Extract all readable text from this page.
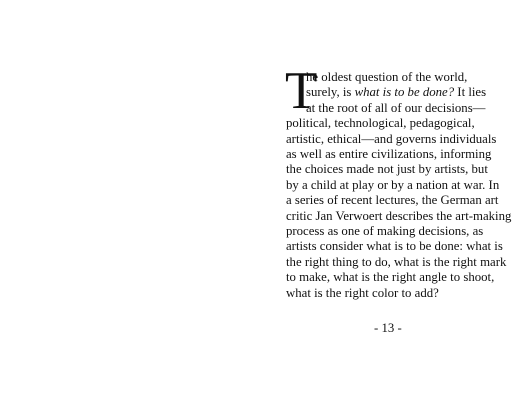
T
he oldest question of the world,
surely, is what is to be done? It lies
at the root of all of our decisions—
political, technological, pedagogical,
artistic, ethical—and governs individuals
as well as entire civilizations, informing
the choices made not just by artists, but
by a child at play or by a nation at war. In
a series of recent lectures, the German art
critic Jan Verwoert describes the art-making
process as one of making decisions, as
artists consider what is to be done: what is
the right thing to do, what is the right mark
to make, what is the right angle to shoot,
what is the right color to add?
- 13 -
